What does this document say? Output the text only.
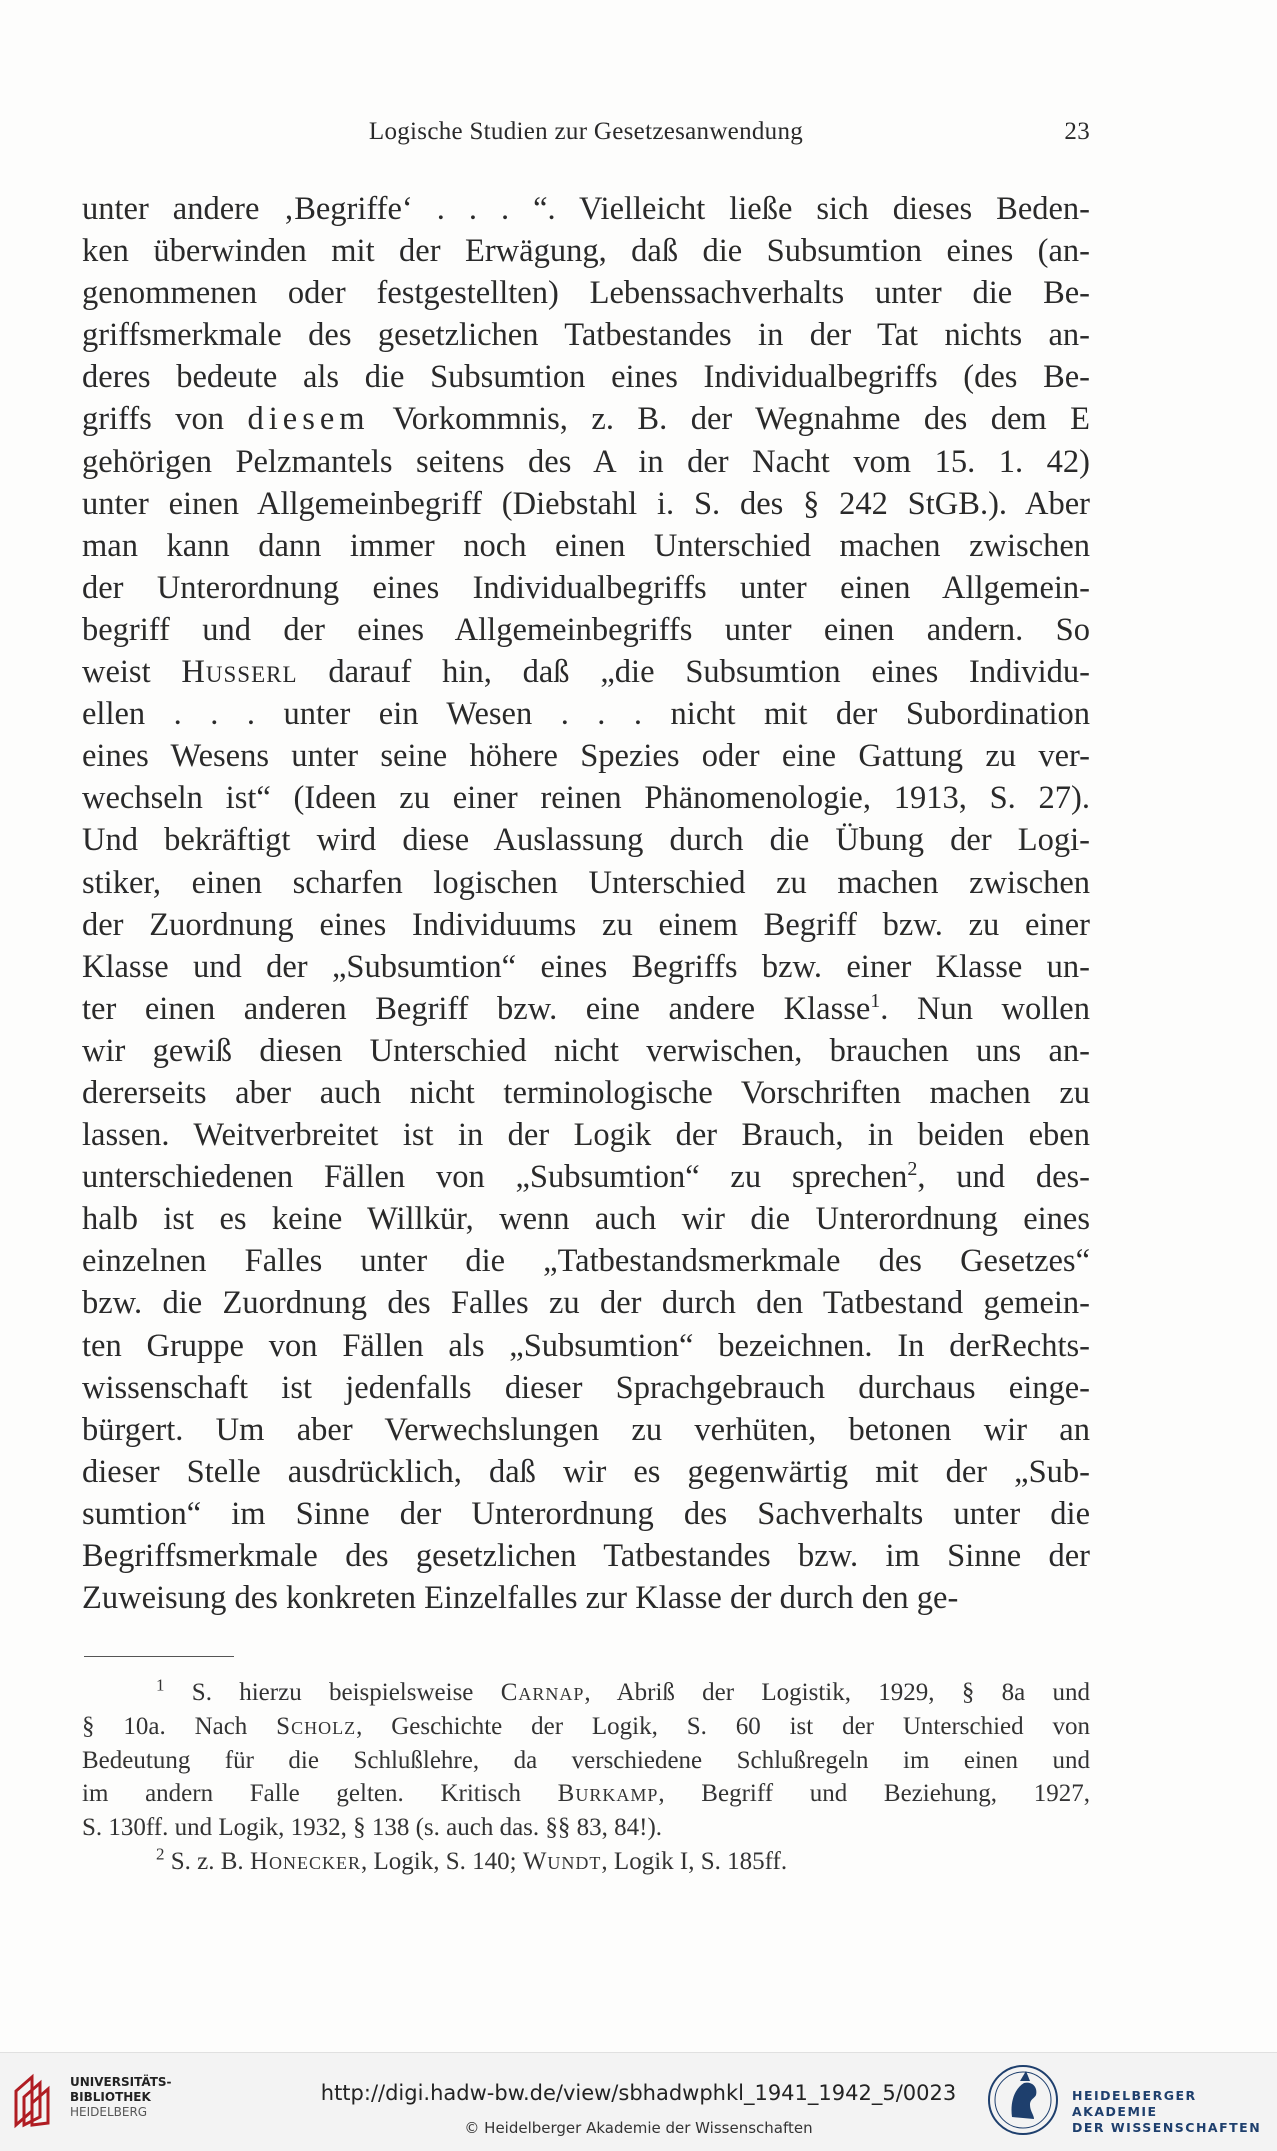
Logische Studien zur Gesetzesanwendung	23
unter andere ‚Begriffe‘ . . . “. Vielleicht ließe sich dieses Beden-
ken überwinden mit der Erwägung, daß die Subsumtion eines (an-
genommenen oder festgestellten) Lebenssachverhalts unter die Be-
griffsmerkmale des gesetzlichen Tatbestandes in der Tat nichts an-
deres bedeute als die Subsumtion eines Individualbegriffs (des Be-
griffs von diesem Vorkommnis, z. B. der Wegnahme des dem E
gehörigen Pelzmantels seitens des A in der Nacht vom 15. 1. 42)
unter einen Allgemeinbegriff (Diebstahl i. S. des § 242 StGB.). Aber
man kann dann immer noch einen Unterschied machen zwischen
der Unterordnung eines Individualbegriffs unter einen Allgemein-
begriff und der eines Allgemeinbegriffs unter einen andern. So
weist Husserl darauf hin, daß „die Subsumtion eines Individu-
ellen . . . unter ein Wesen . . . nicht mit der Subordination
eines Wesens unter seine höhere Spezies oder eine Gattung zu ver-
wechseln ist“ (Ideen zu einer reinen Phänomenologie, 1913, S. 27).
Und bekräftigt wird diese Auslassung durch die Übung der Logi-
stiker, einen scharfen logischen Unterschied zu machen zwischen
der Zuordnung eines Individuums zu einem Begriff bzw. zu einer
Klasse und der „Subsumtion“ eines Begriffs bzw. einer Klasse un-
ter einen anderen Begriff bzw. eine andere Klasse$^1$. Nun wollen
wir gewiß diesen Unterschied nicht verwischen, brauchen uns an-
dererseits aber auch nicht terminologische Vorschriften machen zu
lassen. Weitverbreitet ist in der Logik der Brauch, in beiden eben
unterschiedenen Fällen von „Subsumtion“ zu sprechen$^2$, und des-
halb ist es keine Willkür, wenn auch wir die Unterordnung eines
einzelnen Falles unter die „Tatbestandsmerkmale des Gesetzes“
bzw. die Zuordnung des Falles zu der durch den Tatbestand gemein-
ten Gruppe von Fällen als „Subsumtion“ bezeichnen. In derRechts-
wissenschaft ist jedenfalls dieser Sprachgebrauch durchaus einge-
bürgert. Um aber Verwechslungen zu verhüten, betonen wir an
dieser Stelle ausdrücklich, daß wir es gegenwärtig mit der „Sub-
sumtion“ im Sinne der Unterordnung des Sachverhalts unter die
Begriffsmerkmale des gesetzlichen Tatbestandes bzw. im Sinne der
Zuweisung des konkreten Einzelfalles zur Klasse der durch den ge-
$^1$ S. hierzu beispielsweise Carnap, Abriß der Logistik, 1929, § 8a und
§ 10a. Nach Scholz, Geschichte der Logik, S. 60 ist der Unterschied von
Bedeutung für die Schlußlehre, da verschiedene Schlußregeln im einen und
im andern Falle gelten. Kritisch Burkamp, Begriff und Beziehung, 1927,
S. 130ff. und Logik, 1932, § 138 (s. auch das. §§ 83, 84!).
$^2$ S. z. B. Honecker, Logik, S. 140; Wundt, Logik I, S. 185ff.
UNIVERSITÄTS-
BIBLIOTHEK
HEIDELBERG
http://digi.hadw-bw.de/view/sbhadwphkl_1941_1942_5/0023
© Heidelberger Akademie der Wissenschaften
HEIDELBERGER AKADEMIE
DER WISSENSCHAFTEN
